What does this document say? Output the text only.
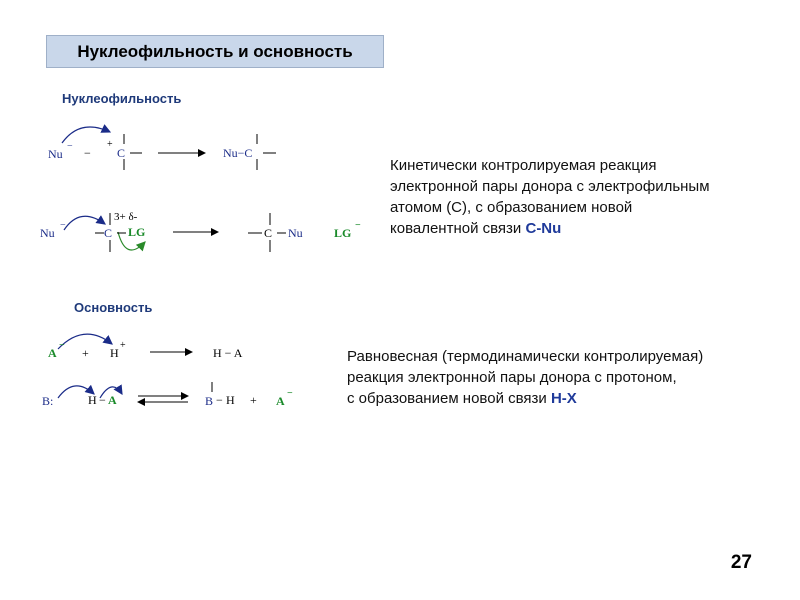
Нуклеофильность и основность
Нуклеофильность
Основность
Nu
− −
+
C	Nu−C
Nu
−
3+ δ-
C LG	C Nu	LG
−
Кинетически контролируемая реакция
электронной пары донора с электрофильным
атомом (С), с образованием новой
ковалентной связи C-Nu
A
−
+ H
+
H − A
B:	H − A	B − H + A
−
Равновесная (термодинамически контролируемая)
реакция электронной пары донора с протоном,
с образованием новой связи H-X
27
